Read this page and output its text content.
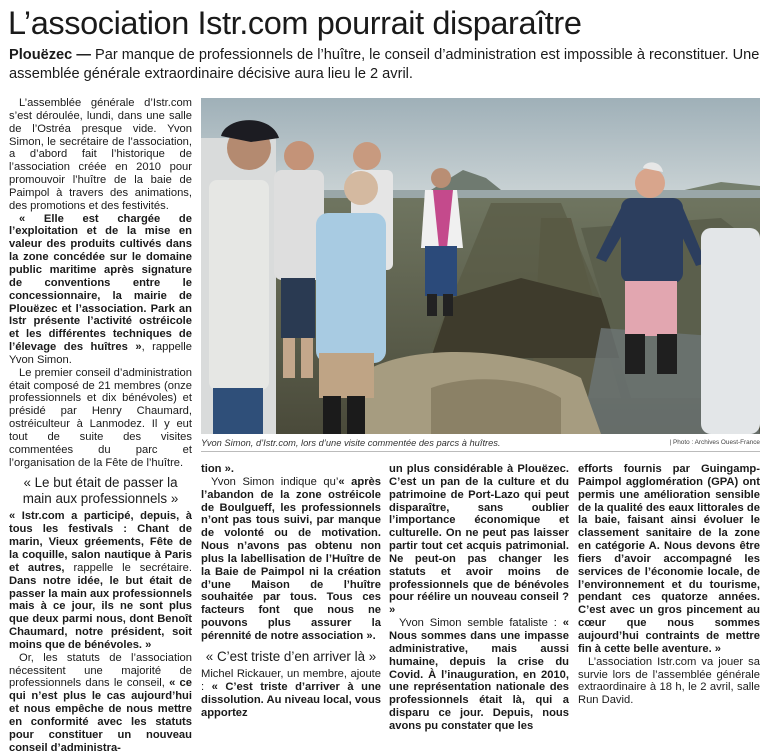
L’association Istr.com pourrait disparaître
Plouëzec — Par manque de professionnels de l’huître, le conseil d’administration est impossible à reconstituer. Une assemblée générale extraordinaire décisive aura lieu le 2 avril.

L’assemblée générale d’Istr.com s’est déroulée, lundi, dans une salle de l’Ostréa presque vide. Yvon Simon, le secrétaire de l’association, a d’abord fait l’historique de l’association créée en 2010 pour promouvoir l’huître de la baie de Paimpol à travers des animations, des promotions et des festivités.

« Elle est chargée de l’exploitation et de la mise en valeur des produits cultivés dans la zone concédée sur le domaine public maritime après signature de conventions entre le concessionnaire, la mairie de Plouëzec et l’association. Park an Istr présente l’activité ostréicole et les différentes techniques de l’élevage des huîtres », rappelle Yvon Simon.

Le premier conseil d’administration était composé de 21 membres (onze professionnels et dix bénévoles) et présidé par Henry Chaumard, ostréiculteur à Lanmodez. Il y eut tout de suite des visites commentées du parc et l’organisation de la Fête de l’huître.

« Le but était de passer la main aux professionnels »

« Istr.com a participé, depuis, à tous les festivals : Chant de marin, Vieux gréements, Fête de la coquille, salon nautique à Paris et autres, rappelle le secrétaire. Dans notre idée, le but était de passer la main aux professionnels mais à ce jour, ils ne sont plus que deux parmi nous, dont Benoît Chaumard, notre président, soit moins que de bénévoles. »

Or, les statuts de l’association nécessitent une majorité de professionnels dans le conseil, « ce qui n’est plus le cas aujourd’hui et nous empêche de nous mettre en conformité avec les statuts pour constituer un nouveau conseil d’administra-

Yvon Simon, d’Istr.com, lors d’une visite commentée des parcs à huîtres.	| Photo : Archives Ouest-France

tion ».

Yvon Simon indique qu’« après l’abandon de la zone ostréicole de Boulgueff, les professionnels n’ont pas tous suivi, par manque de volonté ou de motivation. Nous n’avons pas obtenu non plus la labellisation de l’Huître de la Baie de Paimpol ni la création d’une Maison de l’huître souhaitée par tous. Tous ces facteurs font que nous ne pouvons plus assurer la pérennité de notre association ».

« C’est triste d’en arriver là »

Michel Rickauer, un membre, ajoute : « C’est triste d’arriver à une dissolution. Au niveau local, vous apportez

un plus considérable à Plouëzec. C’est un pan de la culture et du patrimoine de Port-Lazo qui peut disparaître, sans oublier l’importance économique et culturelle. On ne peut pas laisser partir tout cet acquis patrimonial. Ne peut-on pas changer les statuts et avoir moins de professionnels que de bénévoles pour réélire un nouveau conseil ? »

Yvon Simon semble fataliste : « Nous sommes dans une impasse administrative, mais aussi humaine, depuis la crise du Covid. À l’inauguration, en 2010, une représentation nationale des professionnels était là, qui a disparu ce jour. Depuis, nous avons pu constater que les

efforts fournis par Guingamp-Paimpol agglomération (GPA) ont permis une amélioration sensible de la qualité des eaux littorales de la baie, faisant ainsi évoluer le classement sanitaire de la zone en catégorie A. Nous devons être fiers d’avoir accompagné les services de l’économie locale, de l’environnement et du tourisme, pendant ces quatorze années. C’est avec un gros pincement au cœur que nous sommes aujourd’hui contraints de mettre fin à cette belle aventure. »

L’association Istr.com va jouer sa survie lors de l’assemblée générale extraordinaire à 18 h, le 2 avril, salle Run David.
